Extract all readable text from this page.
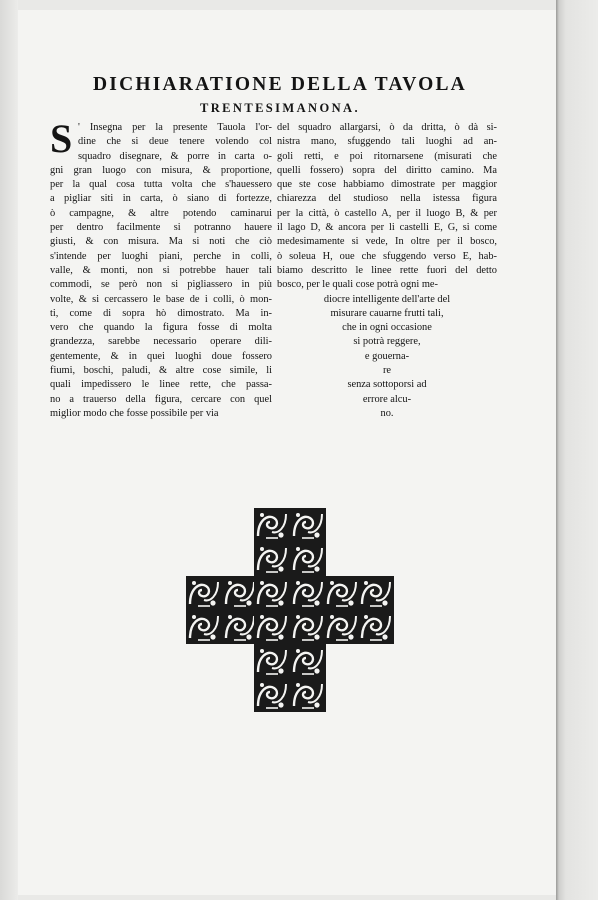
DICHIARATIONE DELLA TAVOLA
TRENTESIMANONA.
S ' Insegna per la presente Tauola l'or-
dine che si deue tenere volendo col
squadro disegnare, & porre in carta o-
gni gran luogo con misura, & proportione,
per la qual cosa tutta volta che s'hauessero
a pigliar siti in carta, ò siano di fortezze,
ò campagne, & altre potendo caminarui
per dentro facilmente si potranno hauere
giusti, & con misura. Ma si noti che ciò
s'intende per luoghi piani, perche in colli,
valle, & monti, non si potrebbe hauer tali
commodi, se però non si pigliassero in più
volte, & si cercassero le base de i colli, ò mon-
ti, come di sopra hò dimostrato. Ma in-
vero che quando la figura fosse di molta
grandezza, sarebbe necessario operare dili-
gentemente, & in quei luoghi doue fossero
fiumi, boschi, paludi, & altre cose simile, li
quali impedissero le linee rette, che passa-
no a trauerso della figura, cercare con quel
miglior modo che fosse possibile per via
del squadro allargarsi, ò da dritta, ò dà si-
nistra mano, sfuggendo tali luoghi ad an-
goli retti, e poi ritornarsene (misurati che
quelli fossero) sopra del diritto camino. Ma
que ste cose habbiamo dimostrate per maggior
chiarezza del studioso nella istessa figura
per la città, ò castello A, per il luogo B, & per
il lago D, & ancora per li castelli E, G, si come
medesimamente si vede, In oltre per il bosco,
ò soleua H, oue che sfuggendo verso E, hab-
biamo descritto le linee rette fuori del detto
bosco, per le quali cose potrà ogni me-
diocre intelligente dell'arte del
misurare cauarne frutti tali,
che in ogni occasione
si potrà reggere,
e gouerna-
re
senza sottoporsi ad
errore alcu-
no.
